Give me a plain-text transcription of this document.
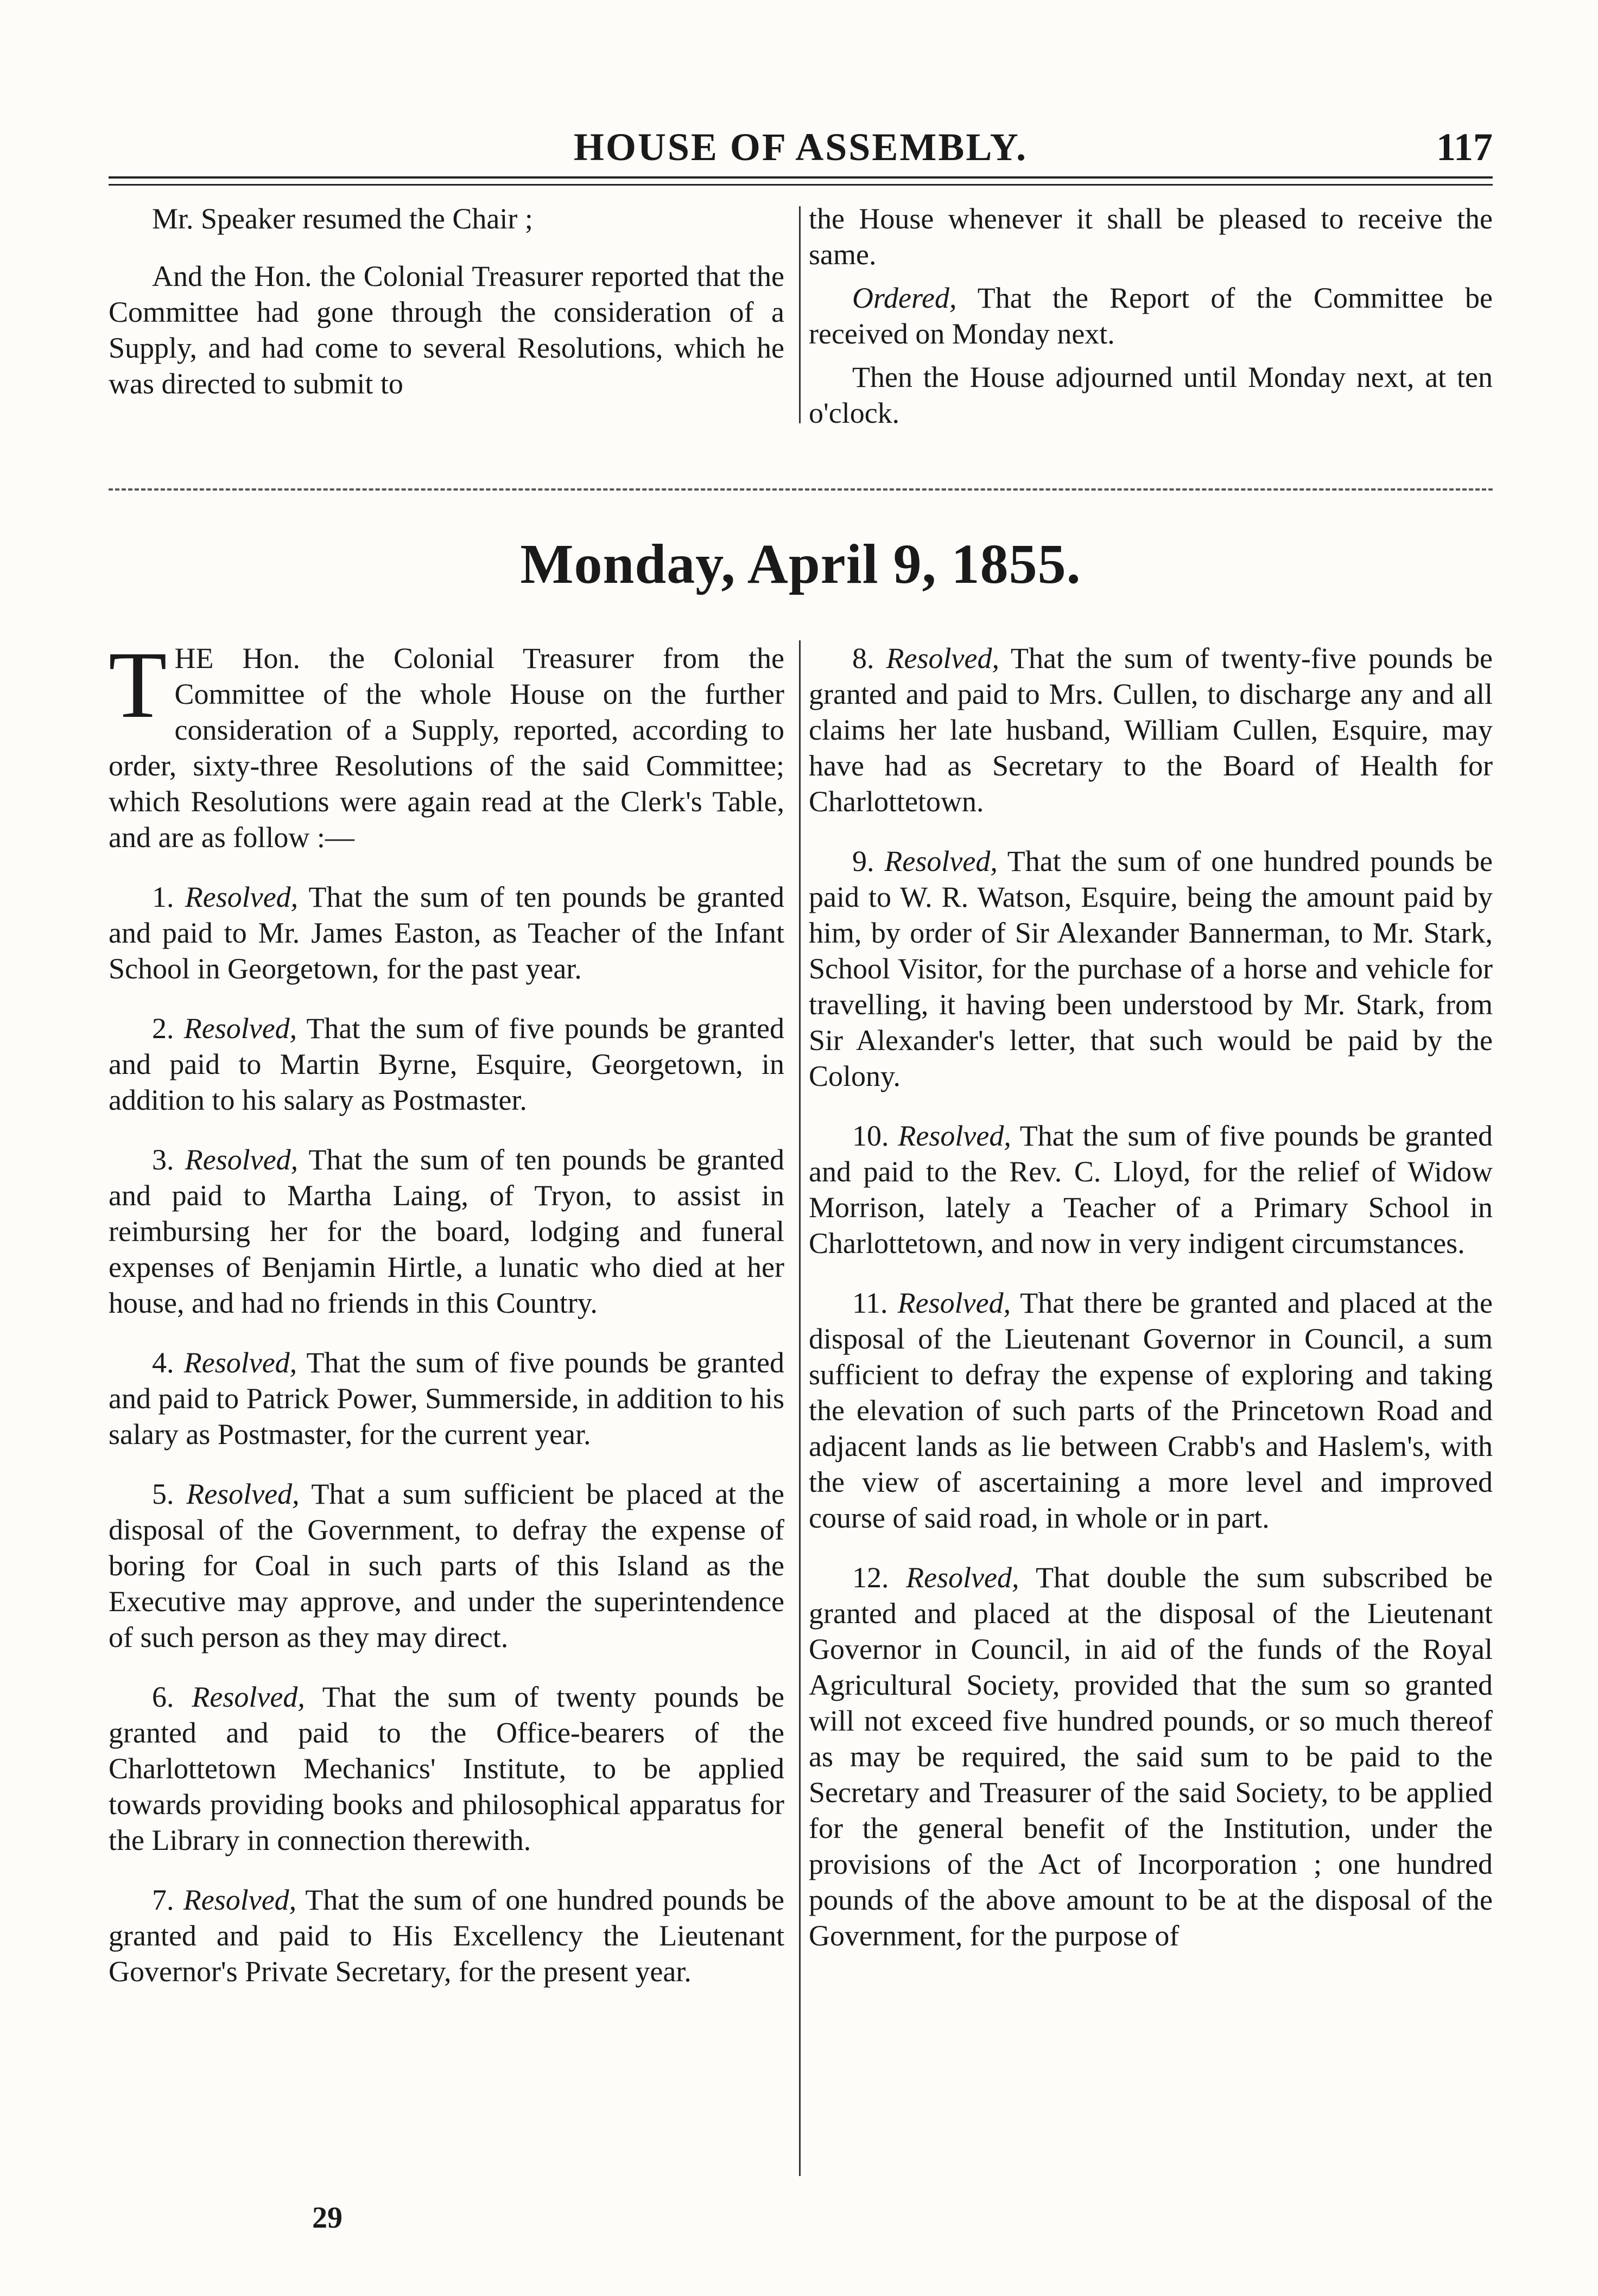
HOUSE OF ASSEMBLY.	117

Mr. Speaker resumed the Chair ;

And the Hon. the Colonial Treasurer reported that the Committee had gone through the consideration of a Supply, and had come to several Resolutions, which he was directed to submit to

the House whenever it shall be pleased to receive the same.

Ordered, That the Report of the Committee be received on Monday next.

Then the House adjourned until Monday next, at ten o'clock.

Monday, April 9, 1855.

THE Hon. the Colonial Treasurer from the Committee of the whole House on the further consideration of a Supply, reported, according to order, sixty-three Resolutions of the said Committee; which Resolutions were again read at the Clerk's Table, and are as follow :—

1. Resolved, That the sum of ten pounds be granted and paid to Mr. James Easton, as Teacher of the Infant School in Georgetown, for the past year.

2. Resolved, That the sum of five pounds be granted and paid to Martin Byrne, Esquire, Georgetown, in addition to his salary as Postmaster.

3. Resolved, That the sum of ten pounds be granted and paid to Martha Laing, of Tryon, to assist in reimbursing her for the board, lodging and funeral expenses of Benjamin Hirtle, a lunatic who died at her house, and had no friends in this Country.

4. Resolved, That the sum of five pounds be granted and paid to Patrick Power, Summerside, in addition to his salary as Postmaster, for the current year.

5. Resolved, That a sum sufficient be placed at the disposal of the Government, to defray the expense of boring for Coal in such parts of this Island as the Executive may approve, and under the superintendence of such person as they may direct.

6. Resolved, That the sum of twenty pounds be granted and paid to the Office-bearers of the Charlottetown Mechanics' Institute, to be applied towards providing books and philosophical apparatus for the Library in connection therewith.

7. Resolved, That the sum of one hundred pounds be granted and paid to His Excellency the Lieutenant Governor's Private Secretary, for the present year.

8. Resolved, That the sum of twenty-five pounds be granted and paid to Mrs. Cullen, to discharge any and all claims her late husband, William Cullen, Esquire, may have had as Secretary to the Board of Health for Charlottetown.

9. Resolved, That the sum of one hundred pounds be paid to W. R. Watson, Esquire, being the amount paid by him, by order of Sir Alexander Bannerman, to Mr. Stark, School Visitor, for the purchase of a horse and vehicle for travelling, it having been understood by Mr. Stark, from Sir Alexander's letter, that such would be paid by the Colony.

10. Resolved, That the sum of five pounds be granted and paid to the Rev. C. Lloyd, for the relief of Widow Morrison, lately a Teacher of a Primary School in Charlottetown, and now in very indigent circumstances.

11. Resolved, That there be granted and placed at the disposal of the Lieutenant Governor in Council, a sum sufficient to defray the expense of exploring and taking the elevation of such parts of the Princetown Road and adjacent lands as lie between Crabb's and Haslem's, with the view of ascertaining a more level and improved course of said road, in whole or in part.

12. Resolved, That double the sum subscribed be granted and placed at the disposal of the Lieutenant Governor in Council, in aid of the funds of the Royal Agricultural Society, provided that the sum so granted will not exceed five hundred pounds, or so much thereof as may be required, the said sum to be paid to the Secretary and Treasurer of the said Society, to be applied for the general benefit of the Institution, under the provisions of the Act of Incorporation ; one hundred pounds of the above amount to be at the disposal of the Government, for the purpose of

29
